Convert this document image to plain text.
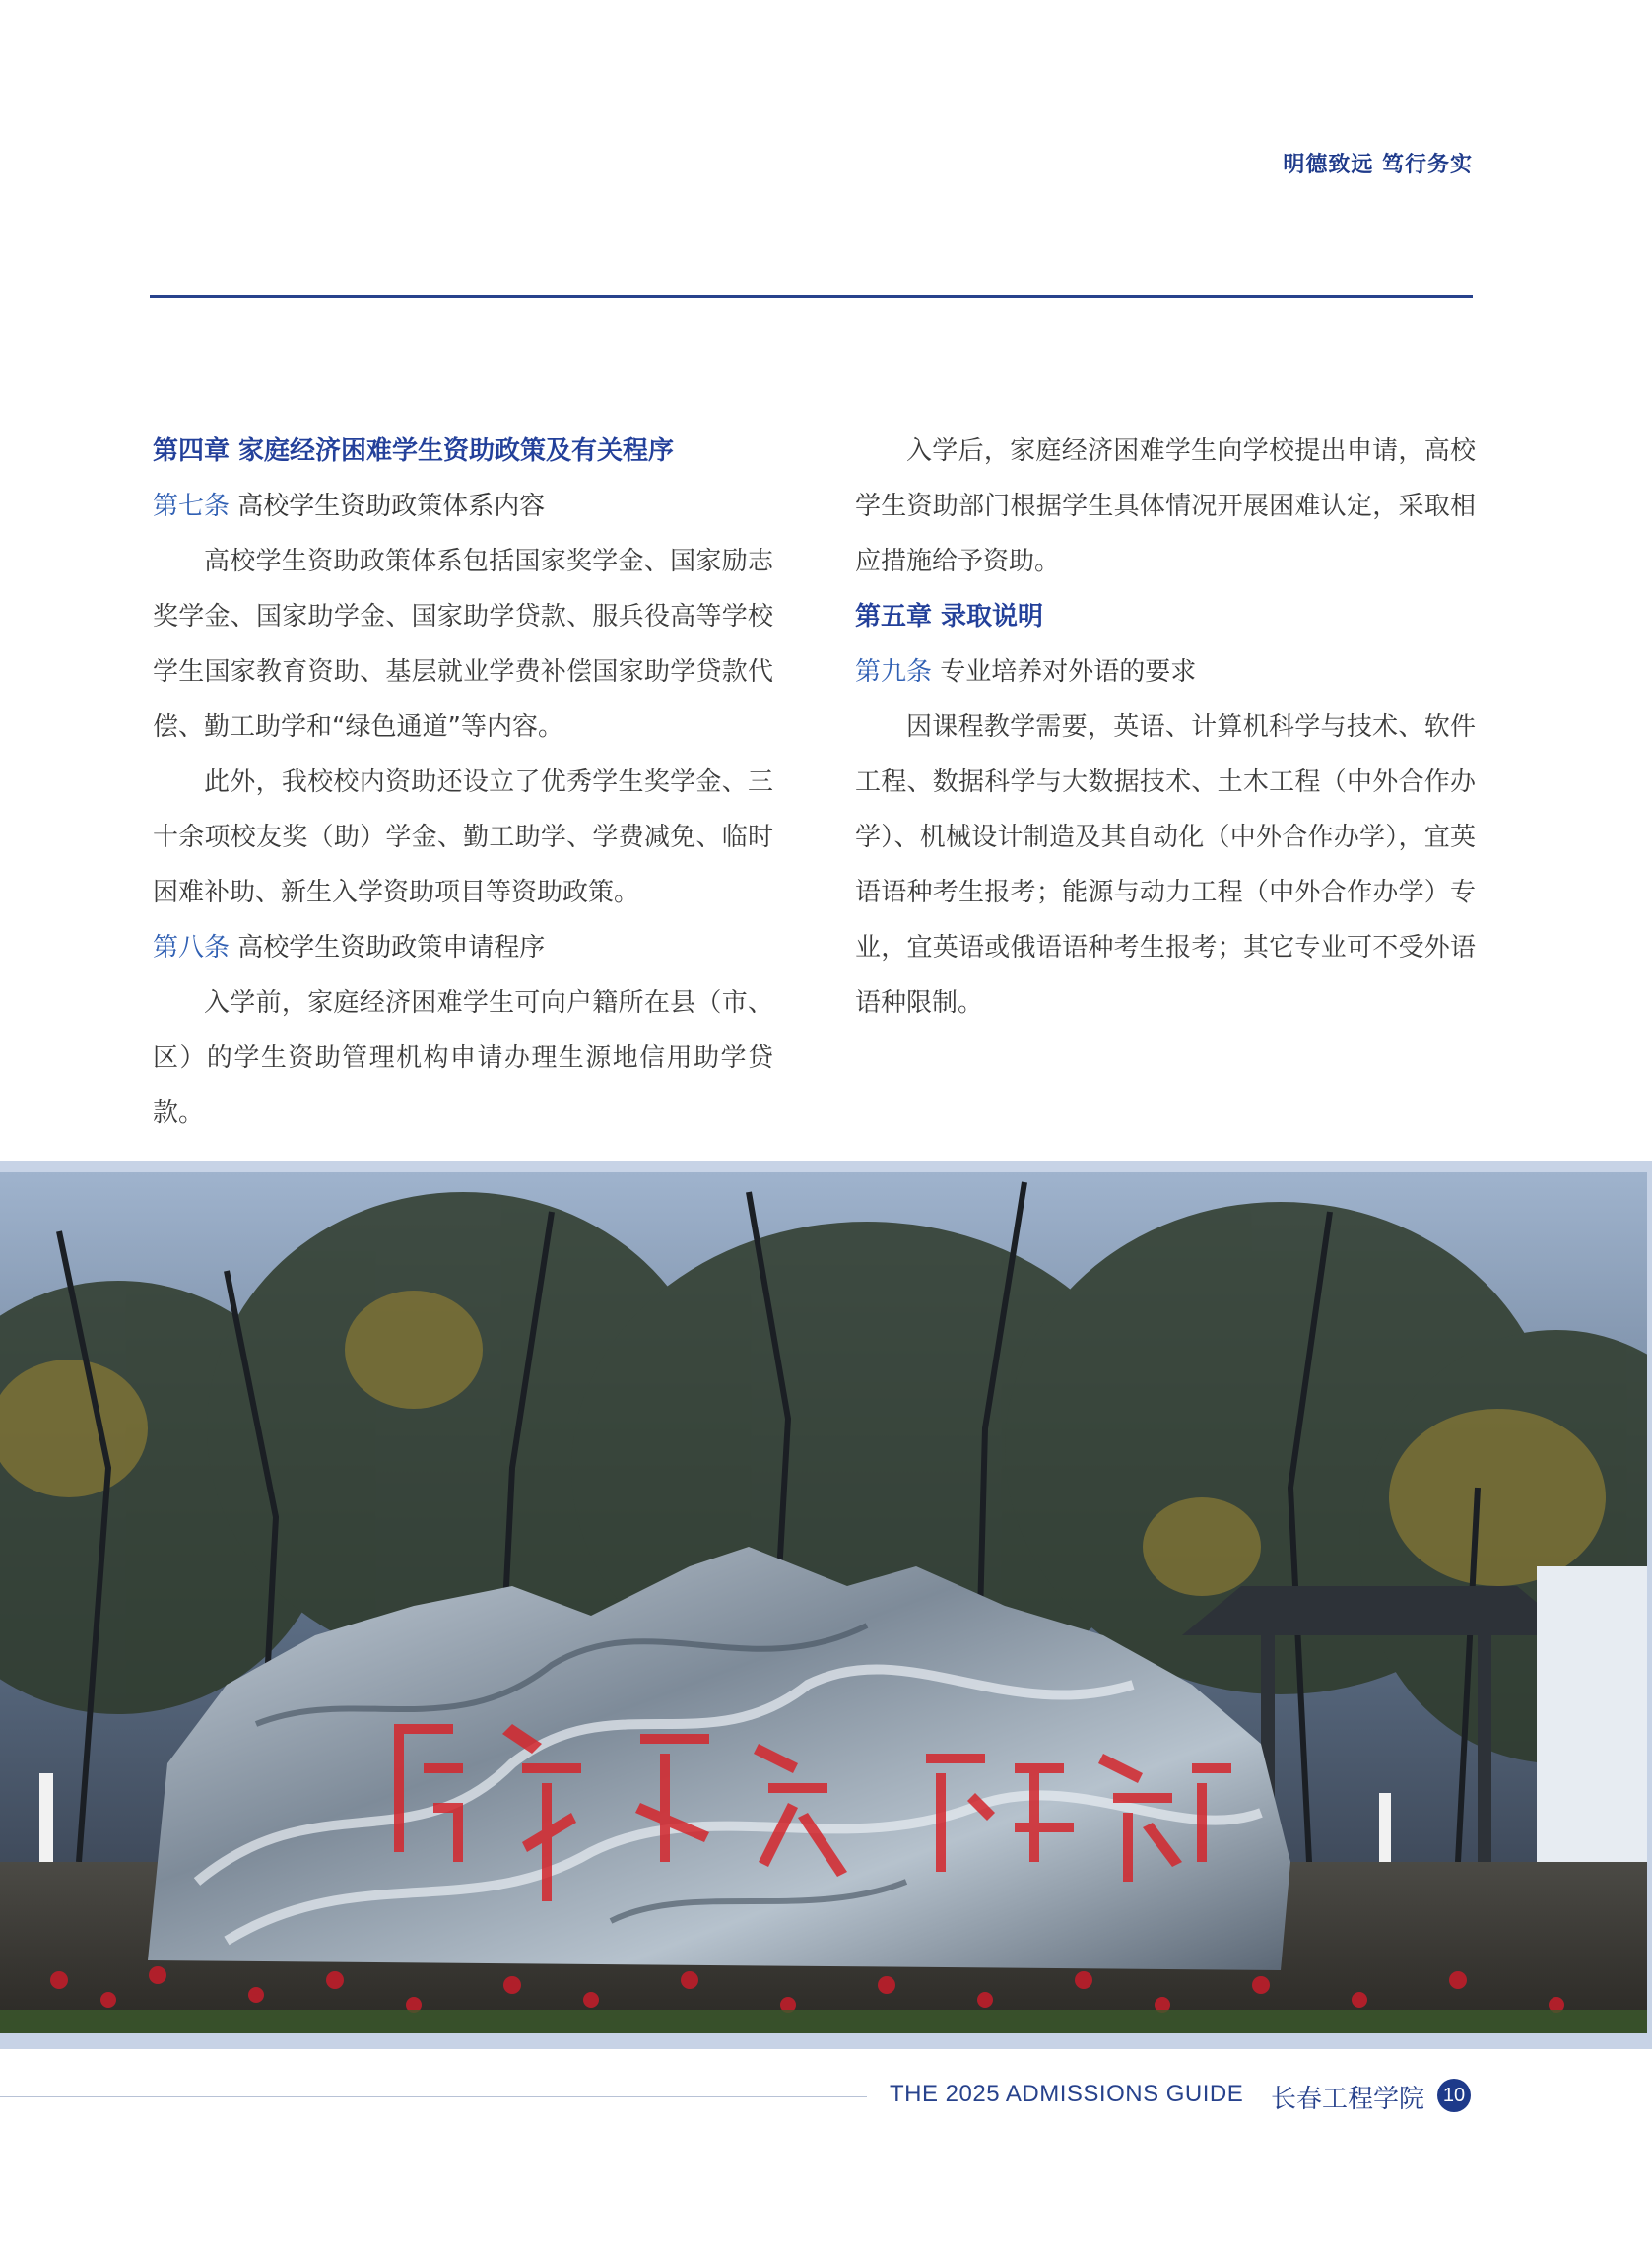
明德致远 笃行务实
第四章 家庭经济困难学生资助政策及有关程序
第七条 高校学生资助政策体系内容

高校学生资助政策体系包括国家奖学金、国家励志奖学金、国家助学金、国家助学贷款、服兵役高等学校学生国家教育资助、基层就业学费补偿国家助学贷款代偿、勤工助学和“绿色通道”等内容。

此外，我校校内资助还设立了优秀学生奖学金、三十余项校友奖（助）学金、勤工助学、学费减免、临时困难补助、新生入学资助项目等资助政策。

第八条 高校学生资助政策申请程序

入学前，家庭经济困难学生可向户籍所在县（市、区）的学生资助管理机构申请办理生源地信用助学贷款。

入学后，家庭经济困难学生向学校提出申请，高校学生资助部门根据学生具体情况开展困难认定，采取相应措施给予资助。

第五章 录取说明
第九条 专业培养对外语的要求

因课程教学需要，英语、计算机科学与技术、软件工程、数据科学与大数据技术、土木工程（中外合作办学）、机械设计制造及其自动化（中外合作办学），宜英语语种考生报考；能源与动力工程（中外合作办学）专业，宜英语或俄语语种考生报考；其它专业可不受外语语种限制。

THE 2025 ADMISSIONS GUIDE 长春工程学院 10
